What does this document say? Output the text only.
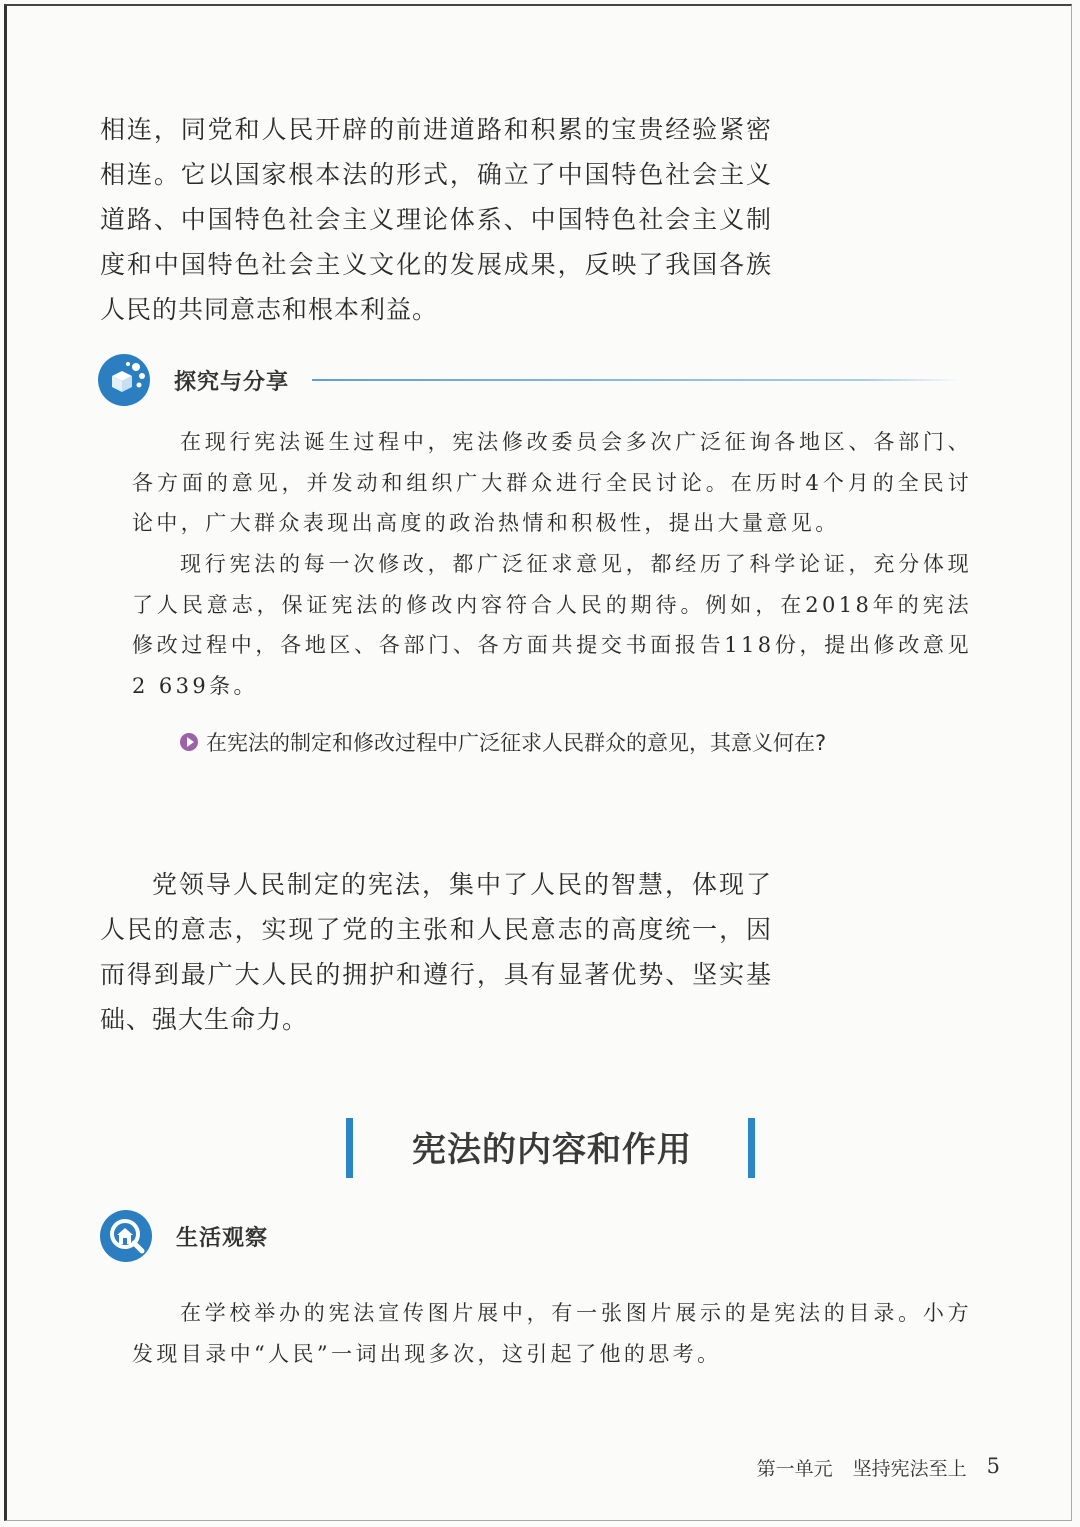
相连，同党和人民开辟的前进道路和积累的宝贵经验紧密相连。它以国家根本法的形式，确立了中国特色社会主义道路、中国特色社会主义理论体系、中国特色社会主义制度和中国特色社会主义文化的发展成果，反映了我国各族人民的共同意志和根本利益。

探究与分享

在现行宪法诞生过程中，宪法修改委员会多次广泛征询各地区、各部门、各方面的意见，并发动和组织广大群众进行全民讨论。在历时4个月的全民讨论中，广大群众表现出高度的政治热情和积极性，提出大量意见。

现行宪法的每一次修改，都广泛征求意见，都经历了科学论证，充分体现了人民意志，保证宪法的修改内容符合人民的期待。例如，在2018年的宪法修改过程中，各地区、各部门、各方面共提交书面报告118份，提出修改意见2 639条。

在宪法的制定和修改过程中广泛征求人民群众的意见，其意义何在?

党领导人民制定的宪法，集中了人民的智慧，体现了人民的意志，实现了党的主张和人民意志的高度统一，因而得到最广大人民的拥护和遵行，具有显著优势、坚实基础、强大生命力。

宪法的内容和作用
生活观察

在学校举办的宪法宣传图片展中，有一张图片展示的是宪法的目录。小方发现目录中“人民”一词出现多次，这引起了他的思考。

第一单元 坚持宪法至上 5
